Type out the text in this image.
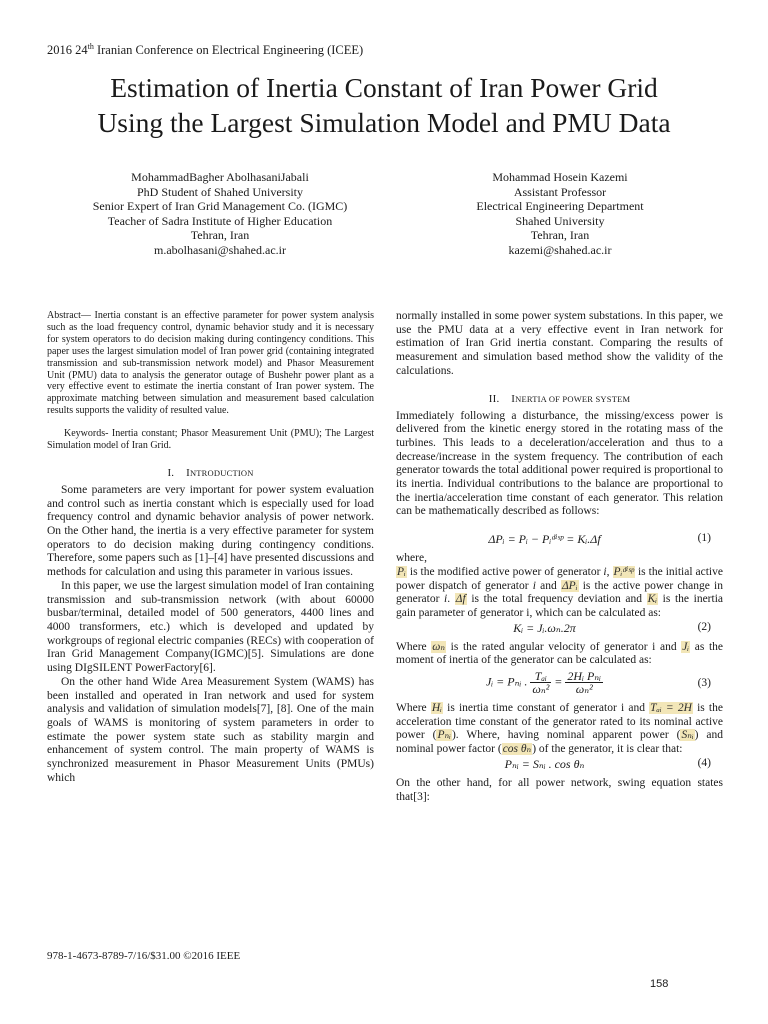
2016 24th Iranian Conference on Electrical Engineering (ICEE)
Estimation of Inertia Constant of Iran Power Grid
Using the Largest Simulation Model and PMU Data
MohammadBagher AbolhasaniJabali
PhD Student of Shahed University
Senior Expert of Iran Grid Management Co. (IGMC)
Teacher of Sadra Institute of Higher Education
Tehran, Iran
m.abolhasani@shahed.ac.ir
Mohammad Hosein Kazemi
Assistant Professor
Electrical Engineering Department
Shahed University
Tehran, Iran
kazemi@shahed.ac.ir
Abstract— Inertia constant is an effective parameter for power system analysis such as the load frequency control, dynamic behavior study and it is necessary for system operators to do decision making during contingency conditions. This paper uses the largest simulation model of Iran power grid (containing integrated transmission and sub-transmission network model) and Phasor Measurement Unit (PMU) data to analysis the generator outage of Bushehr power plant as a very effective event to estimate the inertia constant of Iran power system. The approximate matching between simulation and measurement based calculation results supports the validity of resulted value.
Keywords- Inertia constant; Phasor Measurement Unit (PMU); The Largest Simulation model of Iran Grid.
I. INTRODUCTION

Some parameters are very important for power system evaluation and control such as inertia constant which is especially used for load frequency control and dynamic behavior analysis of power network. On the Other hand, the inertia is a very effective parameter for system operators to do decision making during contingency conditions. Therefore, some papers such as [1]–[4] have presented discussions and methods for calculation and using this parameter in various issues.

In this paper, we use the largest simulation model of Iran containing transmission and sub-transmission network (with about 60000 busbar/terminal, detailed model of 500 generators, 4400 lines and 4000 transformers, etc.) which is developed and updated by workgroups of regional electric companies (RECs) with cooperation of Iran Grid Management Company(IGMC)[5]. Simulations are done using DIgSILENT PowerFactory[6].

On the other hand Wide Area Measurement System (WAMS) has been installed and operated in Iran network and used for system analysis and validation of simulation models[7], [8]. One of the main goals of WAMS is monitoring of system parameters in order to estimate the power system state such as stability margin and enhancement of system control. The main property of WAMS is synchronized measurement in Phasor Measurement Units (PMUs) which

normally installed in some power system substations. In this paper, we use the PMU data at a very effective event in Iran network for estimation of Iran Grid inertia constant. Comparing the results of measurement and simulation based method show the validity of the calculations.

II. INERTIA OF POWER SYSTEM

Immediately following a disturbance, the missing/excess power is delivered from the kinetic energy stored in the rotating mass of the turbines. This leads to a deceleration/acceleration and thus to a decrease/increase in the system frequency. The contribution of each generator towards the total additional power required is proportional to its inertia. Individual contributions to the balance are proportional to the inertia/acceleration time constant of each generator. This relation can be mathematically described as follows:

ΔPᵢ = Pᵢ − Pᵢᵈⁱˢᵖ = Kᵢ.Δf	(1)

where,

Pᵢ is the modified active power of generator i, Pᵢᵈⁱˢᵖ is the initial active power dispatch of generator i and ΔPᵢ is the active power change in generator i. Δf is the total frequency deviation and Kᵢ is the inertia gain parameter of generator i, which can be calculated as:

Kᵢ = Jᵢ.ωₙ.2π	(2)

Where ωₙ is the rated angular velocity of generator i and Jᵢ as the moment of inertia of the generator can be calculated as:

Jᵢ = Pₙᵢ . $\frac{\text{Tₐᵢ}}{\text{ωₙ²}} = \frac{\text{2Hᵢ Pₙᵢ}}{\text{ωₙ²}}$	(3)

Where Hᵢ is inertia time constant of generator i and Tₐᵢ = 2H is the acceleration time constant of the generator rated to its nominal active power (Pₙᵢ). Where, having nominal apparent power (Sₙᵢ) and nominal power factor (cos θₙ) of the generator, it is clear that:

Pₙᵢ = Sₙᵢ . cos θₙ	(4)

On the other hand, for all power network, swing equation states that[3]:

978-1-4673-8789-7/16/$31.00 ©2016 IEEE
158
